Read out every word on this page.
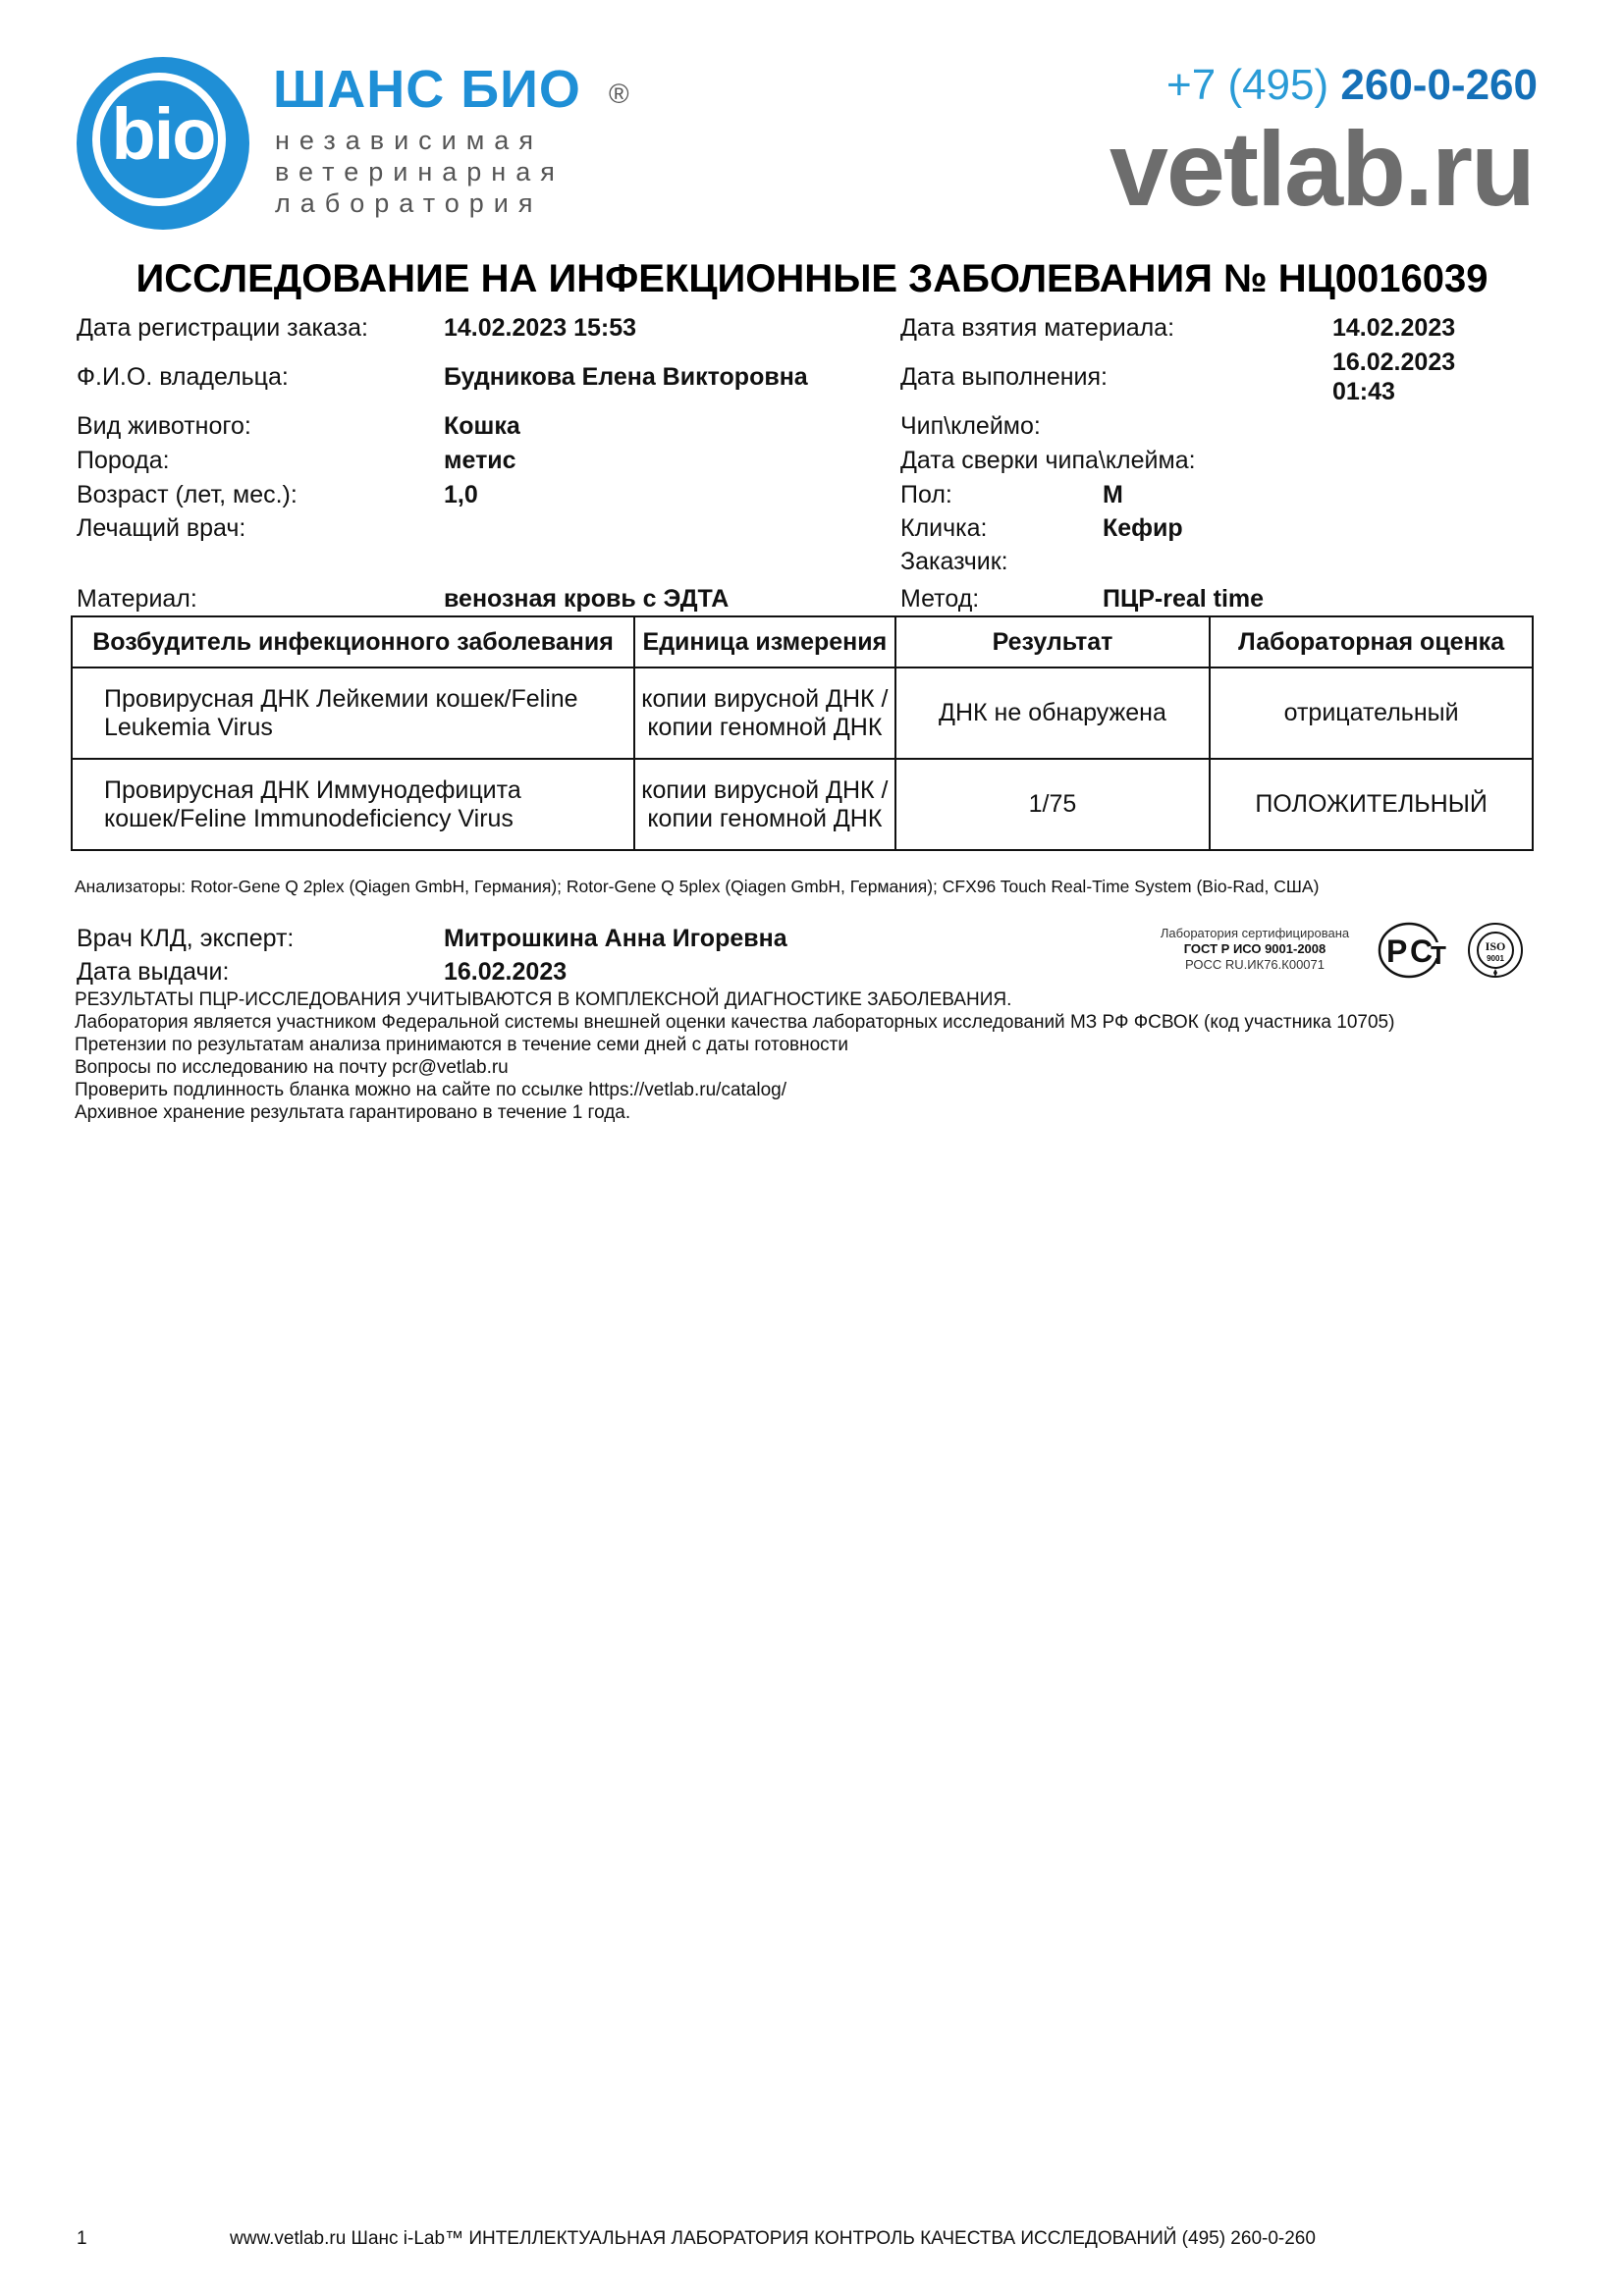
bio
ШАНС БИО ®
независимая
ветеринарная
лаборатория
+7 (495) 260-0-260
vetlab.ru
ИССЛЕДОВАНИЕ НА ИНФЕКЦИОННЫЕ ЗАБОЛЕВАНИЯ № НЦ0016039
Дата регистрации заказа:	14.02.2023 15:53
Ф.И.О. владельца:	Будникова Елена Викторовна
Вид животного:	Кошка
Порода:	метис
Возраст (лет, мес.):	1,0
Лечащий врач:
Материал:	венозная кровь с ЭДТА
Дата взятия материала:	14.02.2023
Дата выполнения:
16.02.2023
01:43
Чип\клеймо:
Дата сверки чипа\клейма:
Пол:	М
Кличка:	Кефир
Заказчик:
Метод:	ПЦР-real time
Возбудитель инфекционного заболевания	Единица измерения	Результат	Лабораторная оценка
Провирусная ДНК Лейкемии кошек/Feline Leukemia Virus	копии вирусной ДНК / копии геномной ДНК	ДНК не обнаружена	отрицательный
Провирусная ДНК Иммунодефицита кошек/Feline Immunodeficiency Virus	копии вирусной ДНК / копии геномной ДНК	1/75	ПОЛОЖИТЕЛЬНЫЙ
Анализаторы: Rotor-Gene Q 2plex (Qiagen GmbH, Германия); Rotor-Gene Q 5plex (Qiagen GmbH, Германия); CFX96 Touch Real-Time System (Bio-Rad, США)
Врач КЛД, эксперт:	Митрошкина Анна Игоревна
Дата выдачи:	16.02.2023
Лаборатория сертифицирована
ГОСТ Р ИСО 9001-2008
РОСС RU.ИК76.К00071	P C
T	ISO
9001
РЕЗУЛЬТАТЫ ПЦР-ИССЛЕДОВАНИЯ УЧИТЫВАЮТСЯ В КОМПЛЕКСНОЙ ДИАГНОСТИКЕ ЗАБОЛЕВАНИЯ.
Лаборатория является участником Федеральной системы внешней оценки качества лабораторных исследований МЗ РФ ФСВОК (код участника 10705)
Претензии по результатам анализа принимаются в течение семи дней с даты готовности
Вопросы по исследованию на почту pcr@vetlab.ru
Проверить подлинность бланка можно на сайте по ссылке https://vetlab.ru/catalog/
Архивное хранение результата гарантировано в течение 1 года.
1	www.vetlab.ru Шанс i-Lab™ ИНТЕЛЛЕКТУАЛЬНАЯ ЛАБОРАТОРИЯ КОНТРОЛЬ КАЧЕСТВА ИССЛЕДОВАНИЙ (495) 260-0-260
